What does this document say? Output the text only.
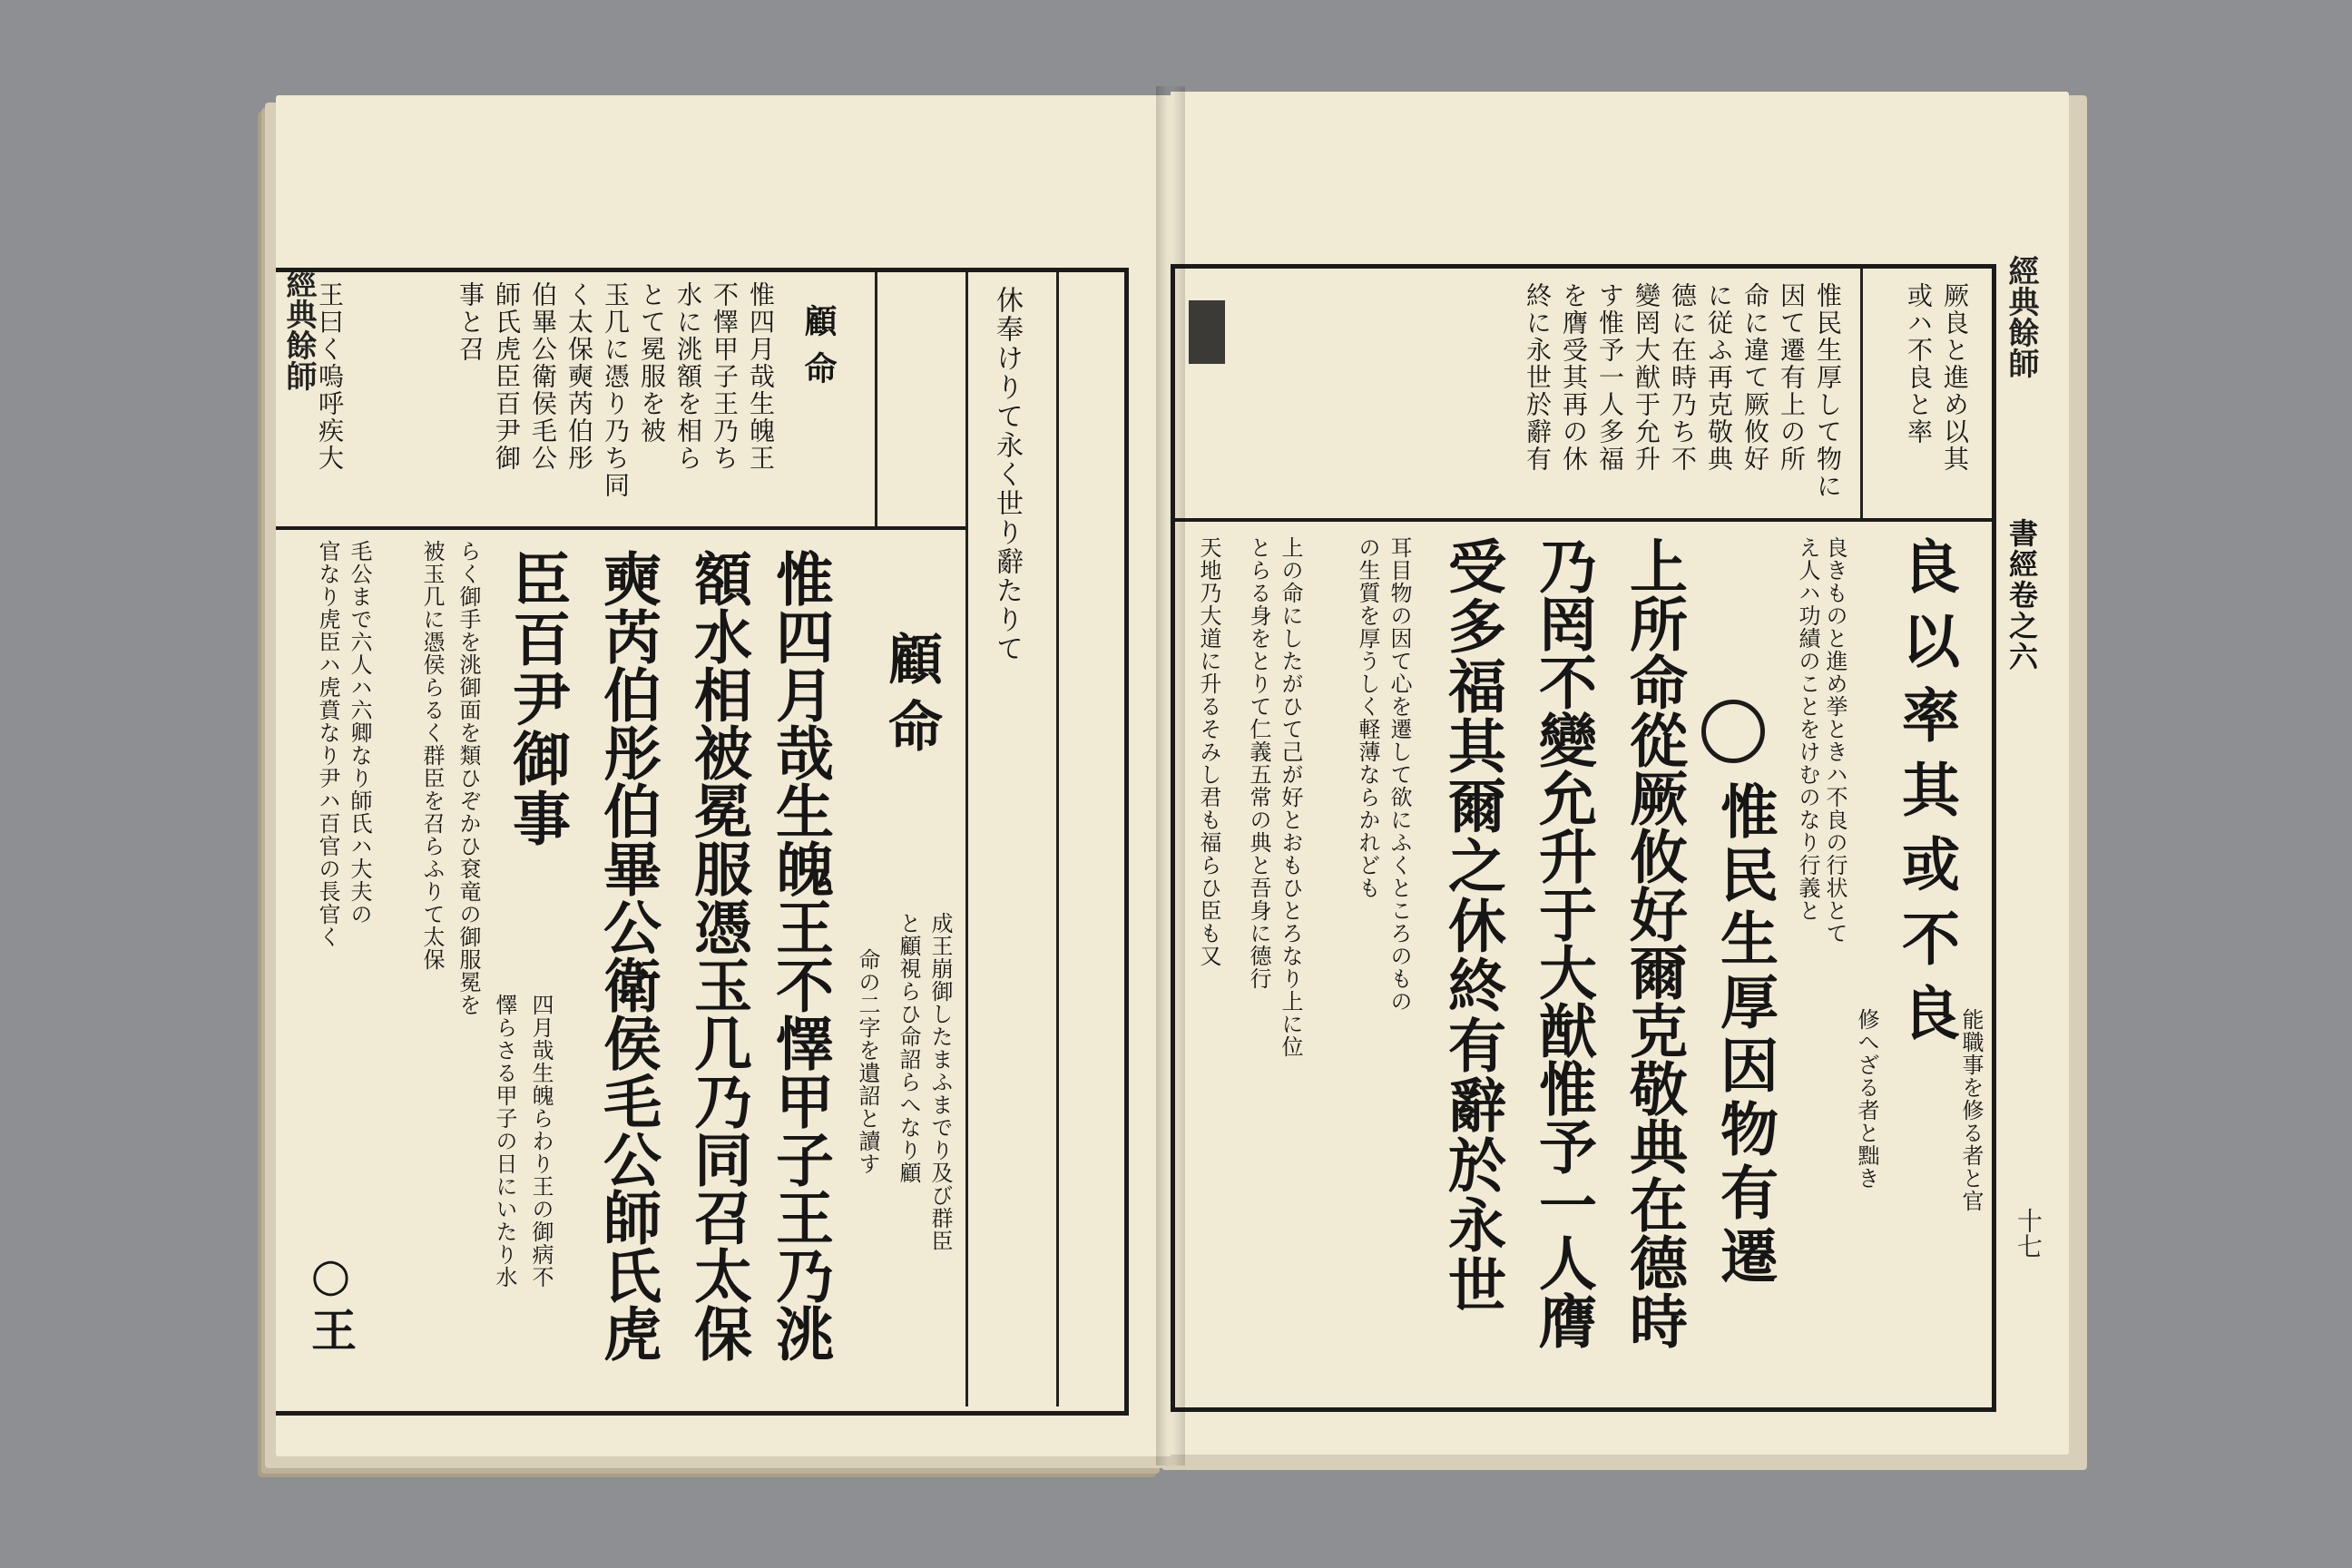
經典餘師
王曰く嗚呼疾大	事と召 師氏虎臣百尹御 伯畢公衛侯毛公 く太保奭芮伯彤 玉几に憑り乃ち同 とて冕服を被 水に洮額を相ら 不懌甲子王乃ち 惟四月哉生魄王 顧命
○王
官なり虎臣ハ虎賁なり尹ハ百官の長官く 毛公まで六人ハ六卿なり師氏ハ大夫の 被玉几に憑侯らるく群臣を召らふりて太保 らく御手を洮御面を類ひぞかひ袞竜の御服冕を
懌らさる甲子の日にいたり水 四月哉生魄らわり王の御病不
臣百尹御事 奭芮伯彤伯畢公衛侯毛公師氏虎 額水相被冕服憑玉几乃同召太保 惟四月哉生魄王不懌甲子王乃洮 顧命
成王崩御したまふまでり及び群臣
と顧視らひ命詔らへなり顧
命の二字を遺詔と讀す
休奉けりて永く世り辭たりて	經典餘師
書經卷之六
十七
厥良と進め以其
或ハ不良と率
惟民生厚して物に
因て遷有上の所
命に違て厥攸好
に従ふ再克敬典
德に在時乃ち不
變罔大猷于允升
す惟予一人多福
を膺受其再の休
終に永世於辭有
良以率其或不良
惟民生厚因物有遷
上所命從厥攸好爾克敬典在德時
乃罔不變允升于大猷惟予一人膺
受多福其爾之休終有辭於永世	能職事を修る者と官
修へざる者と黜き
良きものと進め挙ときハ不良の行状とて
え人ハ功績のことをけむのなり行義と
耳目物の因て心を遷して欲にふくところのもの
の生質を厚うしく軽薄ならかれども
上の命にしたがひて己が好とおもひとろなり上に位
とらる身をとりて仁義五常の典と吾身に德行
天地乃大道に升るそみし君も福らひ臣も又
